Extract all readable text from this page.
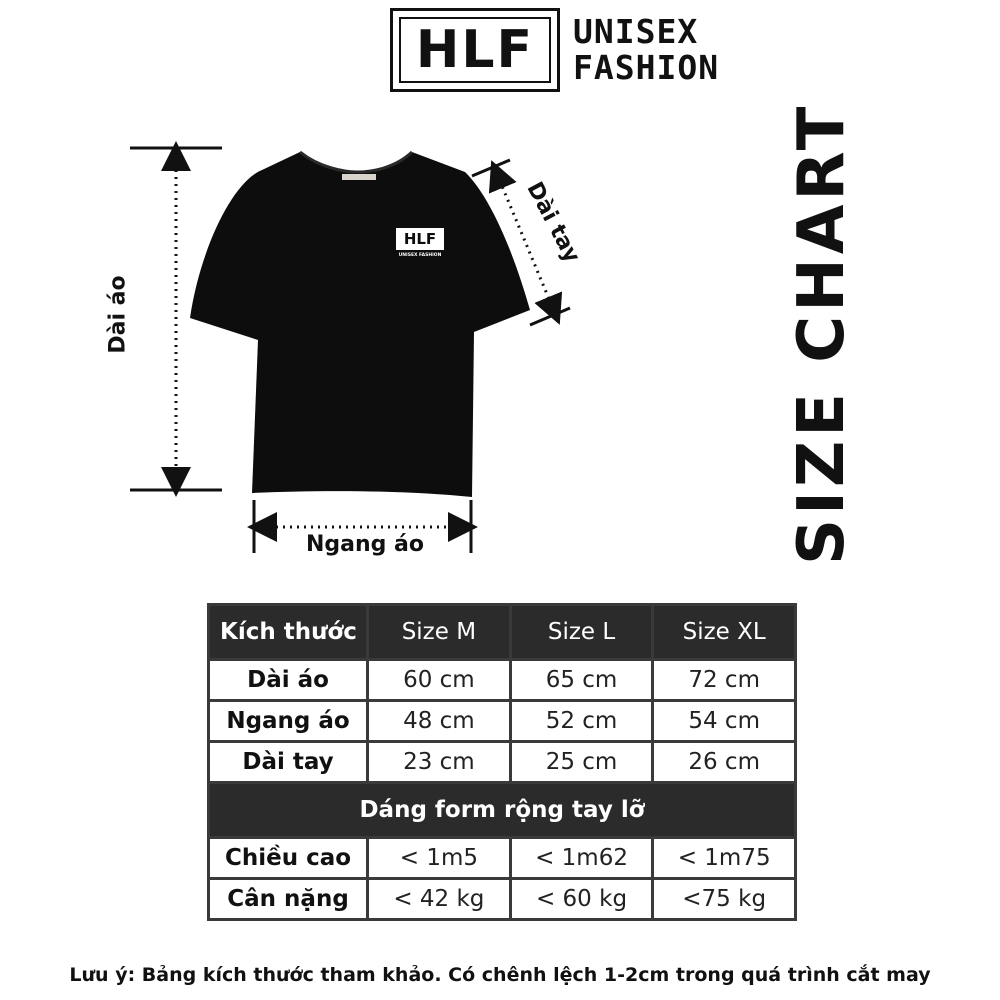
HLF UNISEX
FASHION
HLF
UNISEX FASHION
Dài áo
Ngang áo
Dài tay	SIZE CHART
Kích thước	Size M	Size L	Size XL
Dài áo	60 cm	65 cm	72 cm
Ngang áo	48 cm	52 cm	54 cm
Dài tay	23 cm	25 cm	26 cm
Dáng form rộng tay lỡ			
Chiều cao	< 1m5	< 1m62	< 1m75
Cân nặng	< 42 kg	< 60 kg	<75 kg
Lưu ý: Bảng kích thước tham khảo. Có chênh lệch 1-2cm trong quá trình cắt may
